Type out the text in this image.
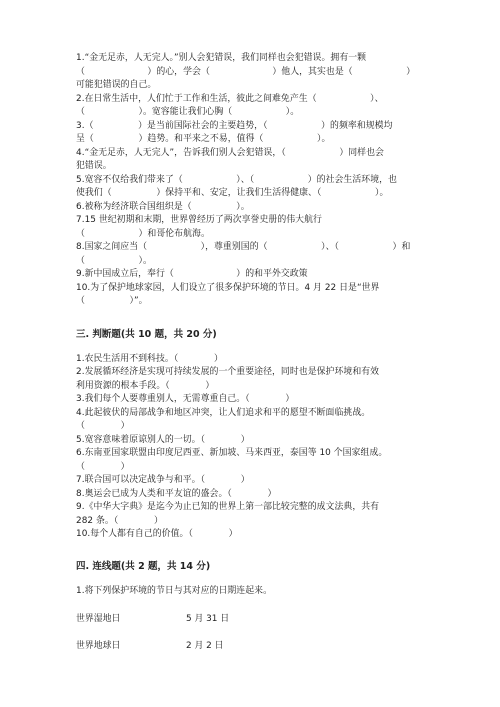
1.“金无足赤，人无完人。”别人会犯错误，我们同样也会犯错误。拥有一颗
（　　　　　　　）的心，学会（　　　　　　　）他人，其实也是（　　　　　　）
可能犯错误的自己。
2.在日常生活中，人们忙于工作和生活，彼此之间难免产生（　　　　　　）、
（　　　　　　）。宽容能让我们心胸（　　　　　　）。
3.（　　　　　）是当前国际社会的主要趋势，（　　　　　　）的频率和规模均
呈（　　　　　）趋势。和平来之不易，值得（　　　　　　）。
4.“金无足赤，人无完人”，告诉我们别人会犯错误，（　　　　　　）同样也会
犯错误。
5.宽容不仅给我们带来了（　　　　　　）、（　　　　　　）的社会生活环境，也
使我们（　　　　　）保持平和、安定，让我们生活得健康、（　　　　　　）。
6.被称为经济联合国组织是（　　　　　）。
7.15 世纪初期和末期，世界曾经历了两次享誉史册的伟大航行
（　　　　　　）和哥伦布航海。
8.国家之间应当（　　　　　　），尊重别国的（　　　　　　）、（　　　　　　）和
（　　　　　　）。
9.新中国成立后，奉行（　　　　　　　）的和平外交政策
10.为了保护地球家园，人们设立了很多保护环境的节日。4 月 22 日是“世界
（　　　　　）”。
三. 判断题(共 10 题，共 20 分)
1.农民生活用不到科技。（　　　　）
2.发展循环经济是实现可持续发展的一个重要途径，同时也是保护环境和有效
利用资源的根本手段。（　　　　）
3.我们每个人要尊重别人，无需尊重自己。（　　　　）
4.此起彼伏的局部战争和地区冲突，让人们追求和平的愿望不断面临挑战。
（　　　　）
5.宽容意味着原谅别人的一切。（　　　　）
6.东南亚国家联盟由印度尼西亚、新加坡、马来西亚，泰国等 10 个国家组成。
（　　　　）
7.联合国可以决定战争与和平。（　　　　）
8.奥运会已成为人类和平友谊的盛会。（　　　　）
9.《中华大字典》是迄今为止已知的世界上第一部比较完整的成文法典，共有
282 条。（　　　　）
10.每个人都有自己的价值。（　　　　）
四. 连线题(共 2 题，共 14 分)
1.将下列保护环境的节日与其对应的日期连起来。
世界湿地日	5 月 31 日
世界地球日	2 月 2 日
